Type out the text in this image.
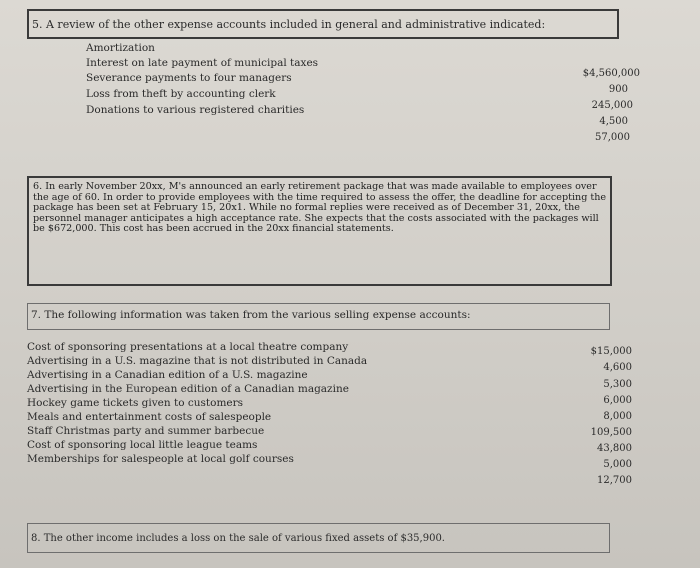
5. A review of the other expense accounts included in general and administrative indicated:
Amortization
Interest on late payment of municipal taxes
Severance payments to four managers
Loss from theft by accounting clerk
Donations to various registered charities
$4,560,000
900
245,000
4,500
57,000
6. In early November 20xx, M's announced an early retirement package that was made available to employees over the age of 60. In order to provide employees with the time required to assess the offer, the deadline for accepting the package has been set at February 15, 20x1. While no formal replies were received as of December 31, 20xx, the personnel manager anticipates a high acceptance rate. She expects that the costs associated with the packages will be $672,000. This cost has been accrued in the 20xx financial statements.
7. The following information was taken from the various selling expense accounts:
Cost of sponsoring presentations at a local theatre company
Advertising in a U.S. magazine that is not distributed in Canada
Advertising in a Canadian edition of a U.S. magazine
Advertising in the European edition of a Canadian magazine
Hockey game tickets given to customers
Meals and entertainment costs of salespeople
Staff Christmas party and summer barbecue
Cost of sponsoring local little league teams
Memberships for salespeople at local golf courses
$15,000
4,600
5,300
6,000
8,000
109,500
43,800
5,000
12,700
8. The other income includes a loss on the sale of various fixed assets of $35,900.
